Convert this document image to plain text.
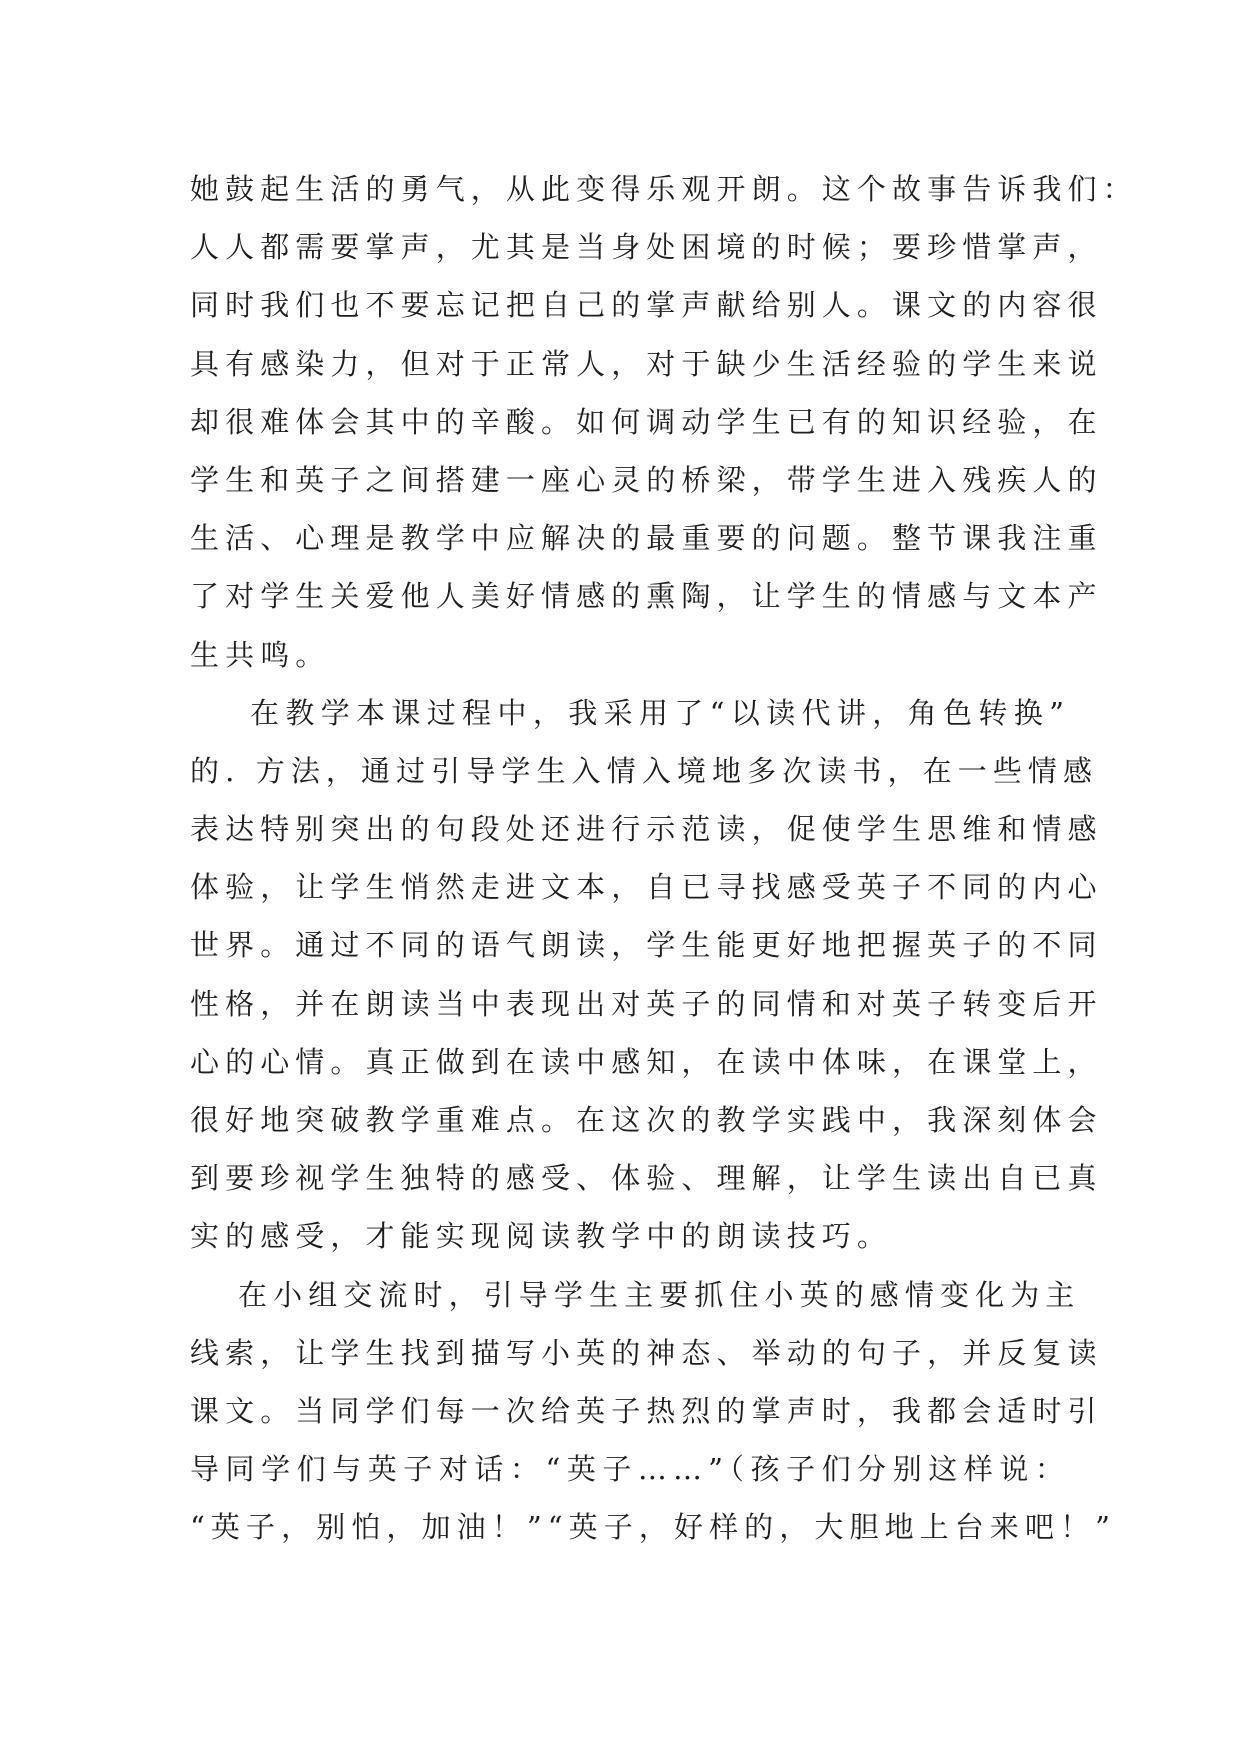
她鼓起生活的勇气，从此变得乐观开朗。这个故事告诉我们：
人人都需要掌声，尤其是当身处困境的时候；要珍惜掌声，
同时我们也不要忘记把自己的掌声献给别人。课文的内容很
具有感染力，但对于正常人，对于缺少生活经验的学生来说
却很难体会其中的辛酸。如何调动学生已有的知识经验，在
学生和英子之间搭建一座心灵的桥梁，带学生进入残疾人的
生活、心理是教学中应解决的最重要的问题。整节课我注重
了对学生关爱他人美好情感的熏陶，让学生的情感与文本产
生共鸣。
在教学本课过程中，我采用了“以读代讲，角色转换”
的. 方法，通过引导学生入情入境地多次读书，在一些情感
表达特别突出的句段处还进行示范读，促使学生思维和情感
体验，让学生悄然走进文本，自已寻找感受英子不同的内心
世界。通过不同的语气朗读，学生能更好地把握英子的不同
性格，并在朗读当中表现出对英子的同情和对英子转变后开
心的心情。真正做到在读中感知，在读中体味，在课堂上，
很好地突破教学重难点。在这次的教学实践中，我深刻体会
到要珍视学生独特的感受、体验、理解，让学生读出自已真
实的感受，才能实现阅读教学中的朗读技巧。
在小组交流时，引导学生主要抓住小英的感情变化为主
线索，让学生找到描写小英的神态、举动的句子，并反复读
课文。当同学们每一次给英子热烈的掌声时，我都会适时引
导同学们与英子对话：“英子……”（孩子们分别这样说：
“英子，别怕，加油！”“英子，好样的，大胆地上台来吧！”
